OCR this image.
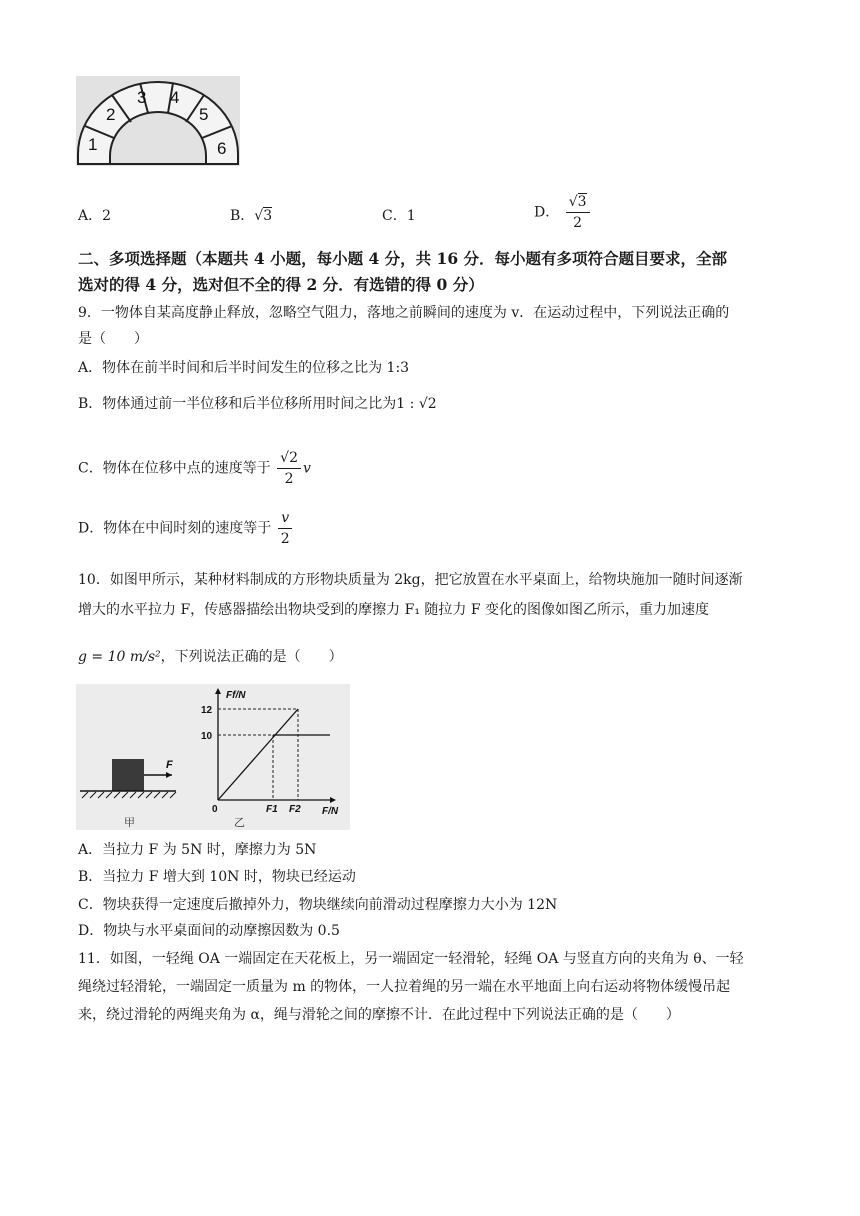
1
2
3 4
5
6
A．2	B．√3	C．1	D． $\frac{√3}{2}$
二、多项选择题（本题共 4 小题，每小题 4 分，共 16 分．每小题有多项符合题目要求，全部
选对的得 4 分，选对但不全的得 2 分．有选错的得 0 分）
9．一物体自某高度静止释放，忽略空气阻力，落地之前瞬间的速度为 v．在运动过程中，下列说法正确的
是（　　）
A．物体在前半时间和后半时间发生的位移之比为 1:3
B．物体通过前一半位移和后半位移所用时间之比为1 : √2
C．物体在位移中点的速度等于 $\frac{√2}{2}$ v
D．物体在中间时刻的速度等于 $\frac{v}{2}$
10．如图甲所示，某种材料制成的方形物块质量为 2kg，把它放置在水平桌面上，给物块施加一随时间逐渐
增大的水平拉力 F，传感器描绘出物块受到的摩擦力 F₁ 随拉力 F 变化的图像如图乙所示，重力加速度
g = 10 m/s²，下列说法正确的是（　　）
F
甲
Ff/N
F/N
0
12
10
F1 F2
乙
A．当拉力 F 为 5N 时，摩擦力为 5N
B．当拉力 F 增大到 10N 时，物块已经运动
C．物块获得一定速度后撤掉外力，物块继续向前滑动过程摩擦力大小为 12N
D．物块与水平桌面间的动摩擦因数为 0.5
11．如图，一轻绳 OA 一端固定在天花板上，另一端固定一轻滑轮，轻绳 OA 与竖直方向的夹角为 θ、一轻
绳绕过轻滑轮，一端固定一质量为 m 的物体，一人拉着绳的另一端在水平地面上向右运动将物体缓慢吊起
来，绕过滑轮的两绳夹角为 α，绳与滑轮之间的摩擦不计．在此过程中下列说法正确的是（　　）
